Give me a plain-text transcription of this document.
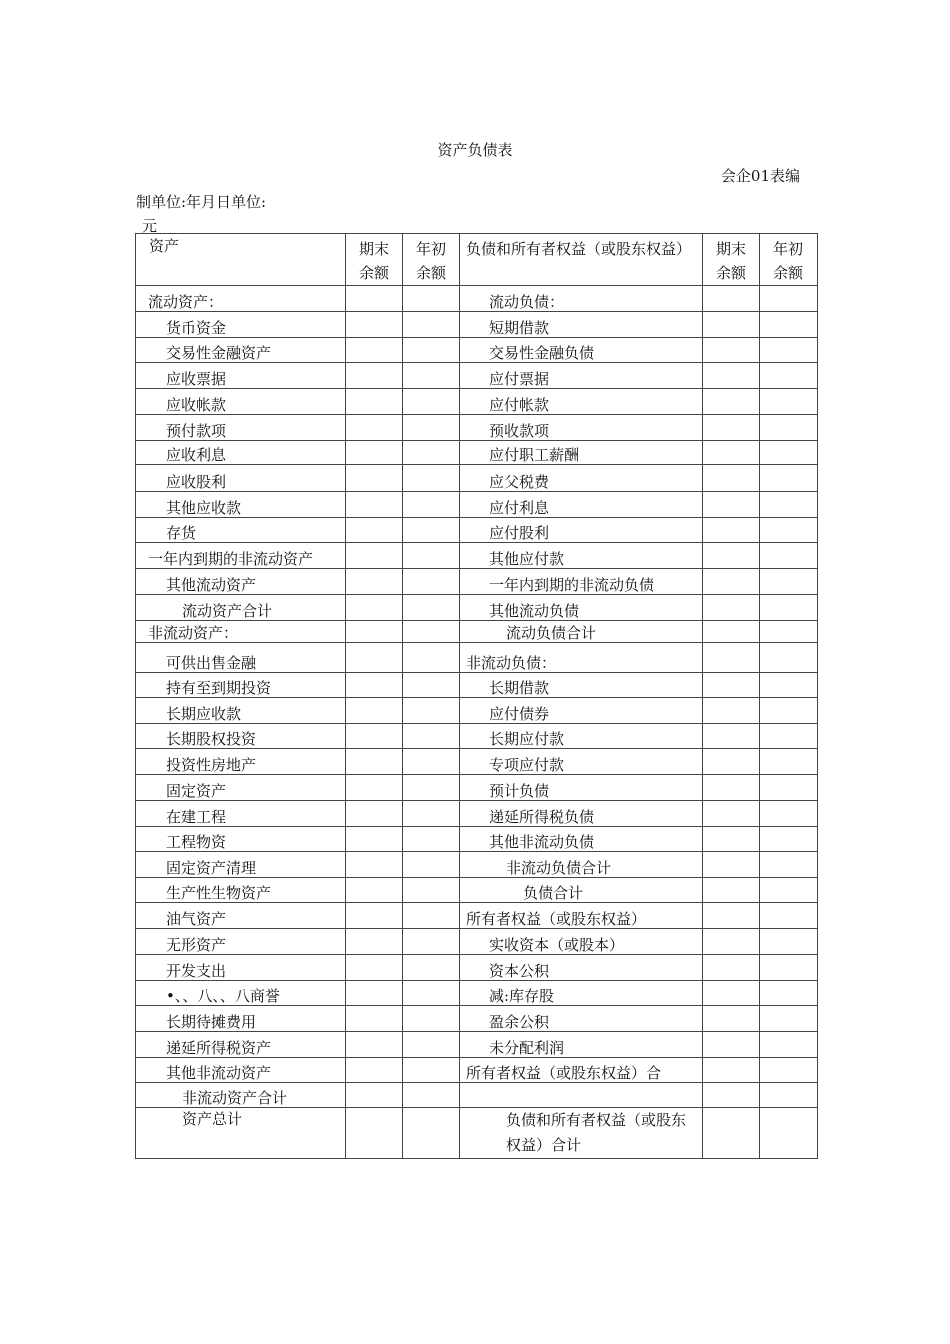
资产负债表
会企01表编
制单位:年月日单位:
元
资产	期末余额	年初余额	负债和所有者权益（或股东权益）	期末余额	年初余额
流动资产：			流动负债：		
货币资金			短期借款		
交易性金融资产			交易性金融负债		
应收票据			应付票据		
应收帐款			应付帐款		
预付款项			预收款项		
应收利息			应付职工薪酬		
应收股利			应父税费		
其他应收款			应付利息		
存货			应付股利		
一年内到期的非流动资产			其他应付款		
其他流动资产			一年内到期的非流动负债		
流动资产合计			其他流动负债		
非流动资产：			流动负债合计		
可供出售金融			非流动负债：		
持有至到期投资			长期借款		
长期应收款			应付债券		
长期股权投资			长期应付款		
投资性房地产			专项应付款		
固定资产			预计负债		
在建工程			递延所得税负债		
工程物资			其他非流动负债		
固定资产清理			非流动负债合计		
生产性生物资产			负债合计		
油气资产			所有者权益（或股东权益）		
无形资产			实收资本（或股本）		
开发支出			资本公积		
•、、八、、八商誉			减:库存股		
长期待摊费用			盈余公积		
递延所得税资产			未分配利润		
其他非流动资产			所有者权益（或股东权益）合		
非流动资产合计					
资产总计			负债和所有者权益（或股东权益）合计		
